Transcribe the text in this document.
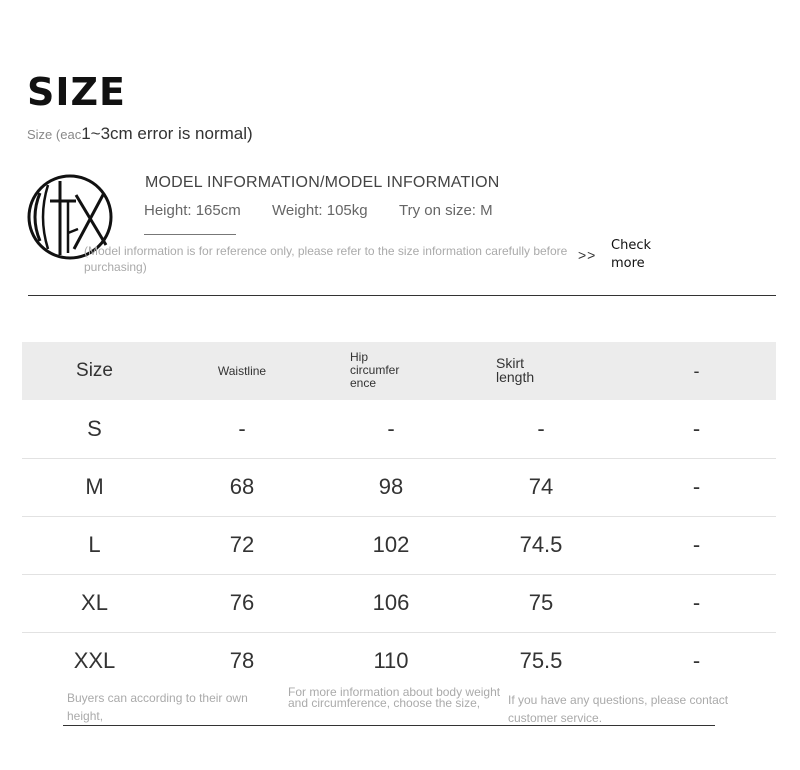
SIZE
Size (eac1~3cm error is normal)
MODEL INFORMATION/MODEL INFORMATION
Height: 165cm Weight: 105kg Try on size: M
(Model information is for reference only, please refer to the size information carefully before purchasing)
>>
Check more
Size	Waistline	Hip circumfer ence	Skirt length	-
S	-	-	-	-
M	68	98	74	-
L	72	102	74.5	-
XL	76	106	75	-
XXL	78	110	75.5	-
Buyers can according to their own height,
For more information about body weight and circumference, choose the size,	If you have any questions, please contact customer service.
